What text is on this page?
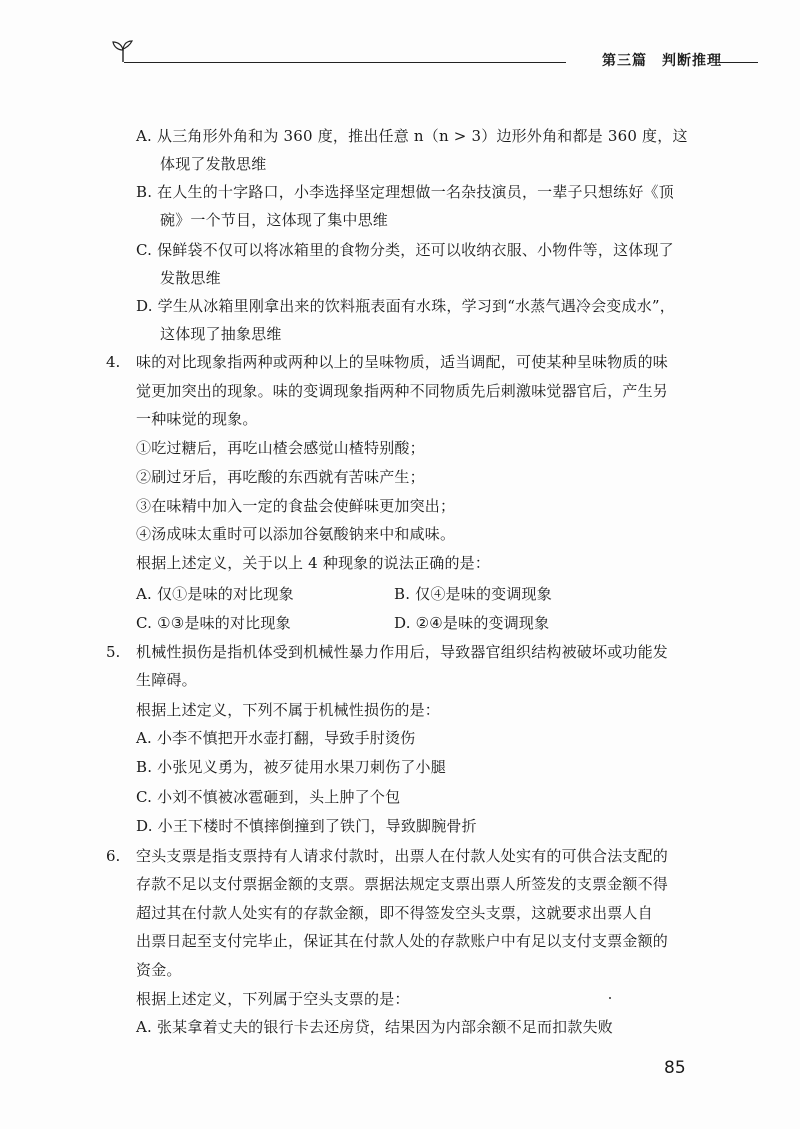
第三篇　判断推理
A. 从三角形外角和为 360 度，推出任意 n（n > 3）边形外角和都是 360 度，这
体现了发散思维
B. 在人生的十字路口，小李选择坚定理想做一名杂技演员，一辈子只想练好《顶
碗》一个节目，这体现了集中思维
C. 保鲜袋不仅可以将冰箱里的食物分类，还可以收纳衣服、小物件等，这体现了
发散思维
D. 学生从冰箱里刚拿出来的饮料瓶表面有水珠，学习到“水蒸气遇冷会变成水”，
这体现了抽象思维
4. 味的对比现象指两种或两种以上的呈味物质，适当调配，可使某种呈味物质的味
觉更加突出的现象。味的变调现象指两种不同物质先后刺激味觉器官后，产生另
一种味觉的现象。
①吃过糖后，再吃山楂会感觉山楂特别酸；
②刷过牙后，再吃酸的东西就有苦味产生；
③在味精中加入一定的食盐会使鲜味更加突出；
④汤成味太重时可以添加谷氨酸钠来中和咸味。
根据上述定义，关于以上 4 种现象的说法正确的是：
A. 仅①是味的对比现象	B. 仅④是味的变调现象
C. ①③是味的对比现象	D. ②④是味的变调现象
5. 机械性损伤是指机体受到机械性暴力作用后，导致器官组织结构被破坏或功能发
生障碍。
根据上述定义，下列不属于机械性损伤的是：
A. 小李不慎把开水壶打翻，导致手肘烫伤
B. 小张见义勇为，被歹徒用水果刀刺伤了小腿
C. 小刘不慎被冰雹砸到，头上肿了个包
D. 小王下楼时不慎摔倒撞到了铁门，导致脚腕骨折
6. 空头支票是指支票持有人请求付款时，出票人在付款人处实有的可供合法支配的
存款不足以支付票据金额的支票。票据法规定支票出票人所签发的支票金额不得
超过其在付款人处实有的存款金额，即不得签发空头支票，这就要求出票人自
出票日起至支付完毕止，保证其在付款人处的存款账户中有足以支付支票金额的
资金。
根据上述定义，下列属于空头支票的是：
A. 张某拿着丈夫的银行卡去还房贷，结果因为内部余额不足而扣款失败
85
